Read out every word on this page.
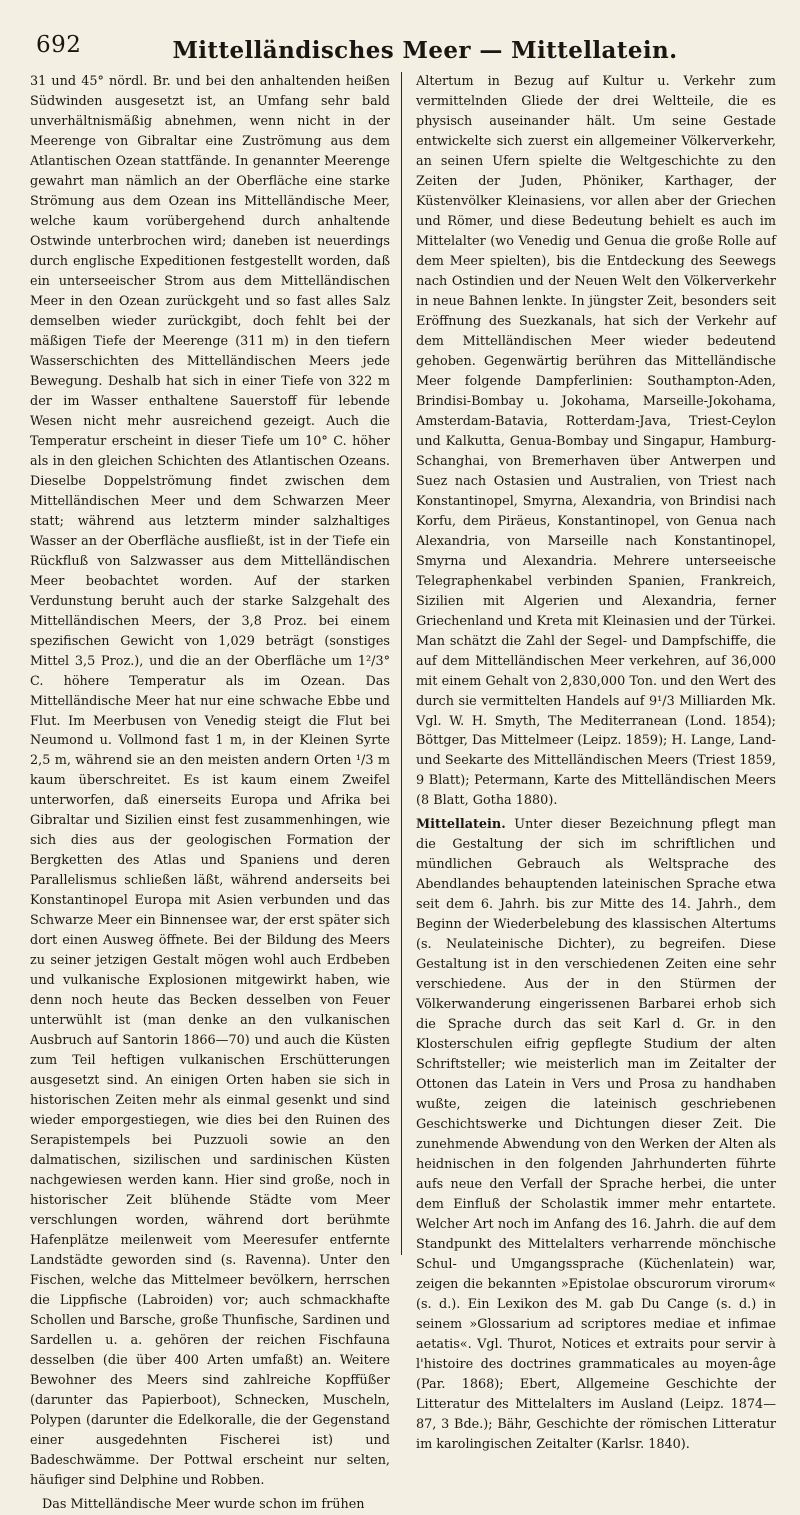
692	Mittelländisches Meer — Mittellatein.

31 und 45° nördl. Br. und bei den anhaltenden heißen Südwinden ausgesetzt ist, an Umfang sehr bald unverhältnismäßig abnehmen, wenn nicht in der Meerenge von Gibraltar eine Zuströmung aus dem Atlantischen Ozean stattfände. In genannter Meerenge gewahrt man nämlich an der Oberfläche eine starke Strömung aus dem Ozean ins Mittelländische Meer, welche kaum vorübergehend durch anhaltende Ostwinde unterbrochen wird; daneben ist neuerdings durch englische Expeditionen festgestellt worden, daß ein unterseeischer Strom aus dem Mittelländischen Meer in den Ozean zurückgeht und so fast alles Salz demselben wieder zurückgibt, doch fehlt bei der mäßigen Tiefe der Meerenge (311 m) in den tiefern Wasserschichten des Mittelländischen Meers jede Bewegung. Deshalb hat sich in einer Tiefe von 322 m der im Wasser enthaltene Sauerstoff für lebende Wesen nicht mehr ausreichend gezeigt. Auch die Temperatur erscheint in dieser Tiefe um 10° C. höher als in den gleichen Schichten des Atlantischen Ozeans. Dieselbe Doppelströmung findet zwischen dem Mittelländischen Meer und dem Schwarzen Meer statt; während aus letzterm minder salzhaltiges Wasser an der Oberfläche ausfließt, ist in der Tiefe ein Rückfluß von Salzwasser aus dem Mittelländischen Meer beobachtet worden. Auf der starken Verdunstung beruht auch der starke Salzgehalt des Mittelländischen Meers, der 3,8 Proz. bei einem spezifischen Gewicht von 1,029 beträgt (sonstiges Mittel 3,5 Proz.), und die an der Oberfläche um 1²/3° C. höhere Temperatur als im Ozean. Das Mittelländische Meer hat nur eine schwache Ebbe und Flut. Im Meerbusen von Venedig steigt die Flut bei Neumond u. Vollmond fast 1 m, in der Kleinen Syrte 2,5 m, während sie an den meisten andern Orten ¹/3 m kaum überschreitet. Es ist kaum einem Zweifel unterworfen, daß einerseits Europa und Afrika bei Gibraltar und Sizilien einst fest zusammenhingen, wie sich dies aus der geologischen Formation der Bergketten des Atlas und Spaniens und deren Parallelismus schließen läßt, während anderseits bei Konstantinopel Europa mit Asien verbunden und das Schwarze Meer ein Binnensee war, der erst später sich dort einen Ausweg öffnete. Bei der Bildung des Meers zu seiner jetzigen Gestalt mögen wohl auch Erdbeben und vulkanische Explosionen mitgewirkt haben, wie denn noch heute das Becken desselben von Feuer unterwühlt ist (man denke an den vulkanischen Ausbruch auf Santorin 1866—70) und auch die Küsten zum Teil heftigen vulkanischen Erschütterungen ausgesetzt sind. An einigen Orten haben sie sich in historischen Zeiten mehr als einmal gesenkt und sind wieder emporgestiegen, wie dies bei den Ruinen des Serapistempels bei Puzzuoli sowie an den dalmatischen, sizilischen und sardinischen Küsten nachgewiesen werden kann. Hier sind große, noch in historischer Zeit blühende Städte vom Meer verschlungen worden, während dort berühmte Hafenplätze meilenweit vom Meeresufer entfernte Landstädte geworden sind (s. Ravenna). Unter den Fischen, welche das Mittelmeer bevölkern, herrschen die Lippfische (Labroiden) vor; auch schmackhafte Schollen und Barsche, große Thunfische, Sardinen und Sardellen u. a. gehören der reichen Fischfauna desselben (die über 400 Arten umfaßt) an. Weitere Bewohner des Meers sind zahlreiche Kopffüßer (darunter das Papierboot), Schnecken, Muscheln, Polypen (darunter die Edelkoralle, die der Gegenstand einer ausgedehnten Fischerei ist) und Badeschwämme. Der Pottwal erscheint nur selten, häufiger sind Delphine und Robben.

Das Mittelländische Meer wurde schon im frühen

Altertum in Bezug auf Kultur u. Verkehr zum vermittelnden Gliede der drei Weltteile, die es physisch auseinander hält. Um seine Gestade entwickelte sich zuerst ein allgemeiner Völkerverkehr, an seinen Ufern spielte die Weltgeschichte zu den Zeiten der Juden, Phöniker, Karthager, der Küstenvölker Kleinasiens, vor allen aber der Griechen und Römer, und diese Bedeutung behielt es auch im Mittelalter (wo Venedig und Genua die große Rolle auf dem Meer spielten), bis die Entdeckung des Seewegs nach Ostindien und der Neuen Welt den Völkerverkehr in neue Bahnen lenkte. In jüngster Zeit, besonders seit Eröffnung des Suezkanals, hat sich der Verkehr auf dem Mittelländischen Meer wieder bedeutend gehoben. Gegenwärtig berühren das Mittelländische Meer folgende Dampferlinien: Southampton-Aden, Brindisi-Bombay u. Jokohama, Marseille-Jokohama, Amsterdam-Batavia, Rotterdam-Java, Triest-Ceylon und Kalkutta, Genua-Bombay und Singapur, Hamburg-Schanghai, von Bremerhaven über Antwerpen und Suez nach Ostasien und Australien, von Triest nach Konstantinopel, Smyrna, Alexandria, von Brindisi nach Korfu, dem Piräeus, Konstantinopel, von Genua nach Alexandria, von Marseille nach Konstantinopel, Smyrna und Alexandria. Mehrere unterseeische Telegraphenkabel verbinden Spanien, Frankreich, Sizilien mit Algerien und Alexandria, ferner Griechenland und Kreta mit Kleinasien und der Türkei. Man schätzt die Zahl der Segel- und Dampfschiffe, die auf dem Mittelländischen Meer verkehren, auf 36,000 mit einem Gehalt von 2,830,000 Ton. und den Wert des durch sie vermittelten Handels auf 9¹/3 Milliarden Mk. Vgl. W. H. Smyth, The Mediterranean (Lond. 1854); Böttger, Das Mittelmeer (Leipz. 1859); H. Lange, Land- und Seekarte des Mittelländischen Meers (Triest 1859, 9 Blatt); Petermann, Karte des Mittelländischen Meers (8 Blatt, Gotha 1880).

Mittellatein. Unter dieser Bezeichnung pflegt man die Gestaltung der sich im schriftlichen und mündlichen Gebrauch als Weltsprache des Abendlandes behauptenden lateinischen Sprache etwa seit dem 6. Jahrh. bis zur Mitte des 14. Jahrh., dem Beginn der Wiederbelebung des klassischen Altertums (s. Neulateinische Dichter), zu begreifen. Diese Gestaltung ist in den verschiedenen Zeiten eine sehr verschiedene. Aus der in den Stürmen der Völkerwanderung eingerissenen Barbarei erhob sich die Sprache durch das seit Karl d. Gr. in den Klosterschulen eifrig gepflegte Studium der alten Schriftsteller; wie meisterlich man im Zeitalter der Ottonen das Latein in Vers und Prosa zu handhaben wußte, zeigen die lateinisch geschriebenen Geschichtswerke und Dichtungen dieser Zeit. Die zunehmende Abwendung von den Werken der Alten als heidnischen in den folgenden Jahrhunderten führte aufs neue den Verfall der Sprache herbei, die unter dem Einfluß der Scholastik immer mehr entartete. Welcher Art noch im Anfang des 16. Jahrh. die auf dem Standpunkt des Mittelalters verharrende mönchische Schul- und Umgangssprache (Küchenlatein) war, zeigen die bekannten »Epistolae obscurorum virorum« (s. d.). Ein Lexikon des M. gab Du Cange (s. d.) in seinem »Glossarium ad scriptores mediae et infimae aetatis«. Vgl. Thurot, Notices et extraits pour servir à l'histoire des doctrines grammaticales au moyen-âge (Par. 1868); Ebert, Allgemeine Geschichte der Litteratur des Mittelalters im Ausland (Leipz. 1874—87, 3 Bde.); Bähr, Geschichte der römischen Litteratur im karolingischen Zeitalter (Karlsr. 1840).
